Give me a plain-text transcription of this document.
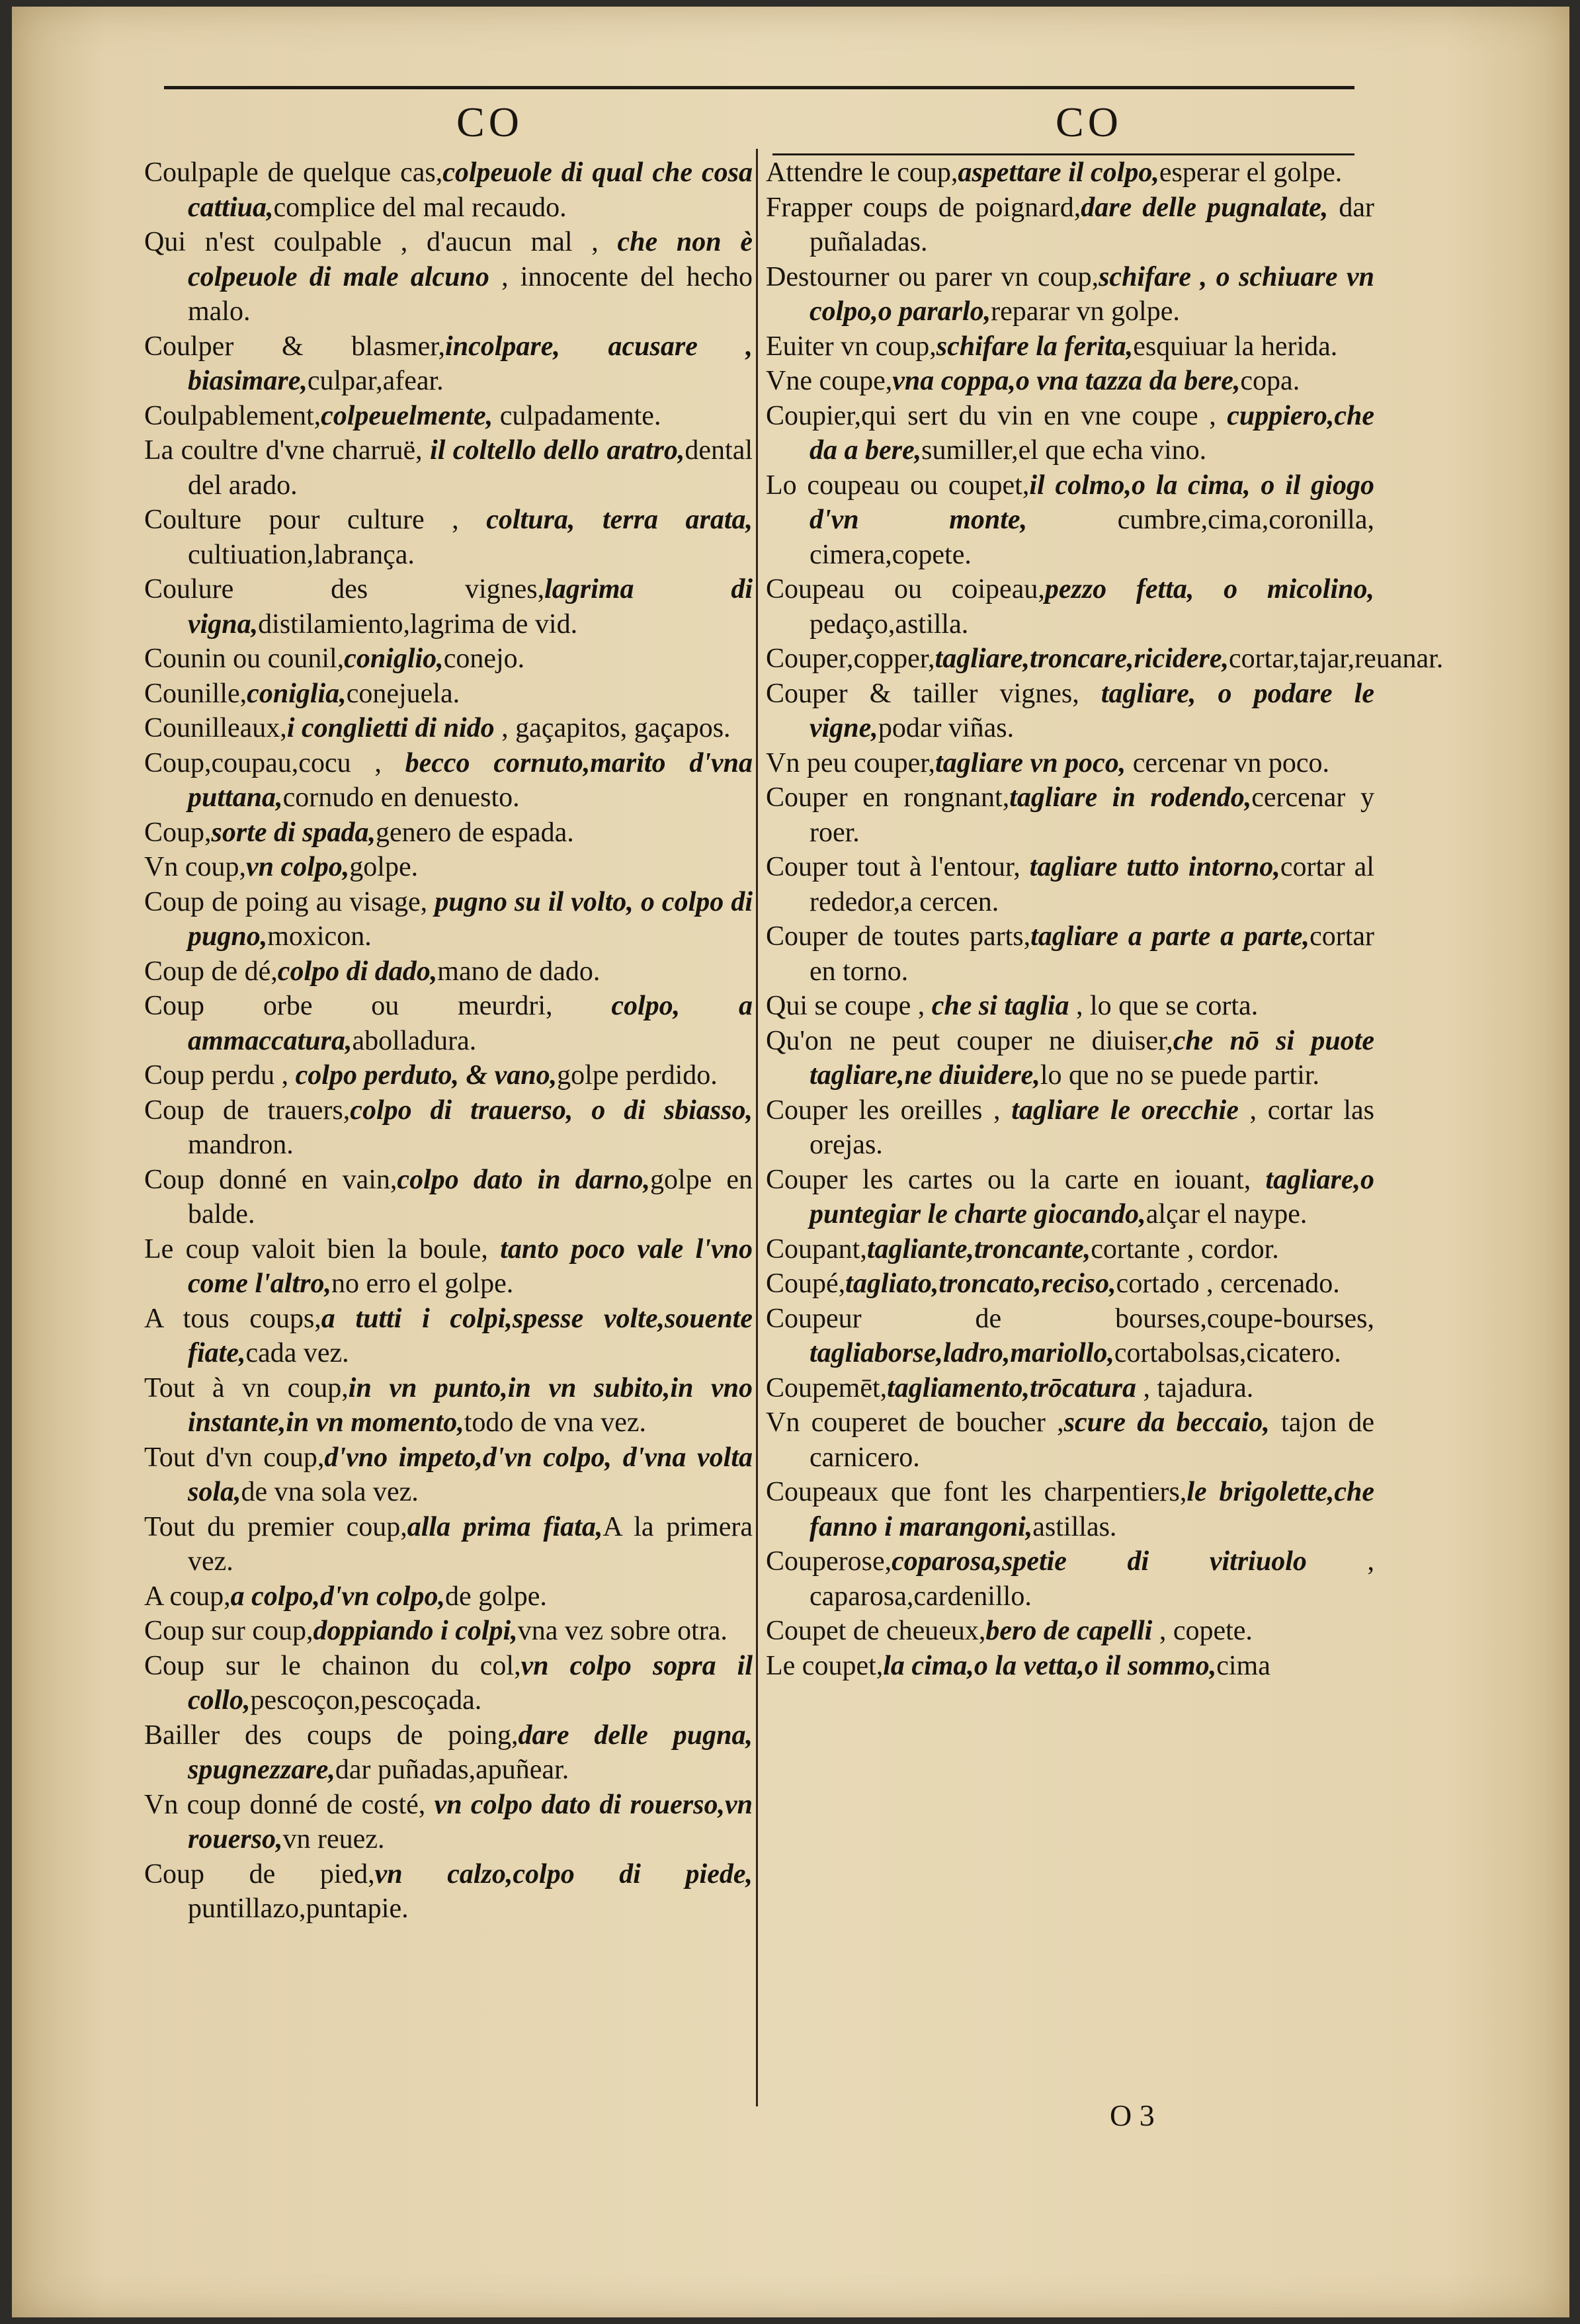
CO	CO

Coulpaple de quelque cas,colpeuole di qual che cosa cattiua,complice del mal recaudo.

Qui n'est coulpable , d'aucun mal , che non è colpeuole di male alcuno , innocente del hecho malo.

Coulper & blasmer,incolpare, acusare , biasimare,culpar,afear.

Coulpablement,colpeuelmente, culpadamente.

La coultre d'vne charruë, il coltello dello aratro,dental del arado.

Coulture pour culture , coltura, terra arata, cultiuation,labrança.

Coulure des vignes,lagrima di vigna,distilamiento,lagrima de vid.

Counin ou counil,coniglio,conejo.

Counille,coniglia,conejuela.

Counilleaux,i conglietti di nido , gaçapitos, gaçapos.

Coup,coupau,cocu , becco cornuto,marito d'vna puttana,cornudo en denuesto.

Coup,sorte di spada,genero de espada.

Vn coup,vn colpo,golpe.

Coup de poing au visage, pugno su il volto, o colpo di pugno,moxicon.

Coup de dé,colpo di dado,mano de dado.

Coup orbe ou meurdri, colpo, a ammaccatura,abolladura.

Coup perdu , colpo perduto, & vano,golpe perdido.

Coup de trauers,colpo di trauerso, o di sbiasso, mandron.

Coup donné en vain,colpo dato in darno,golpe en balde.

Le coup valoit bien la boule, tanto poco vale l'vno come l'altro,no erro el golpe.

A tous coups,a tutti i colpi,spesse volte,souente fiate,cada vez.

Tout à vn coup,in vn punto,in vn subito,in vno instante,in vn momento,todo de vna vez.

Tout d'vn coup,d'vno impeto,d'vn colpo, d'vna volta sola,de vna sola vez.

Tout du premier coup,alla prima fiata,A la primera vez.

A coup,a colpo,d'vn colpo,de golpe.

Coup sur coup,doppiando i colpi,vna vez sobre otra.

Coup sur le chainon du col,vn colpo sopra il collo,pescoçon,pescoçada.

Bailler des coups de poing,dare delle pugna, spugnezzare,dar puñadas,apuñear.

Vn coup donné de costé, vn colpo dato di rouerso,vn rouerso,vn reuez.

Coup de pied,vn calzo,colpo di piede, puntillazo,puntapie.

Attendre le coup,aspettare il colpo,esperar el golpe.

Frapper coups de poignard,dare delle pugnalate, dar puñaladas.

Destourner ou parer vn coup,schifare , o schiuare vn colpo,o pararlo,reparar vn golpe.

Euiter vn coup,schifare la ferita,esquiuar la herida.

Vne coupe,vna coppa,o vna tazza da bere,copa.

Coupier,qui sert du vin en vne coupe , cuppiero,che da a bere,sumiller,el que echa vino.

Lo coupeau ou coupet,il colmo,o la cima, o il giogo d'vn monte, cumbre,cima,coronilla, cimera,copete.

Coupeau ou coipeau,pezzo fetta, o micolino, pedaço,astilla.

Couper,copper,tagliare,troncare,ricidere,cortar,tajar,reuanar.

Couper & tailler vignes, tagliare, o podare le vigne,podar viñas.

Vn peu couper,tagliare vn poco, cercenar vn poco.

Couper en rongnant,tagliare in rodendo,cercenar y roer.

Couper tout à l'entour, tagliare tutto intorno,cortar al rededor,a cercen.

Couper de toutes parts,tagliare a parte a parte,cortar en torno.

Qui se coupe , che si taglia , lo que se corta.

Qu'on ne peut couper ne diuiser,che nō si puote tagliare,ne diuidere,lo que no se puede partir.

Couper les oreilles , tagliare le orecchie , cortar las orejas.

Couper les cartes ou la carte en iouant, tagliare,o puntegiar le charte giocando,alçar el naype.

Coupant,tagliante,troncante,cortante , cordor.

Coupé,tagliato,troncato,reciso,cortado , cercenado.

Coupeur de bourses,coupe-bourses, tagliaborse,ladro,mariollo,cortabolsas,cicatero.

Coupemēt,tagliamento,trōcatura , tajadura.

Vn couperet de boucher ,scure da beccaio, tajon de carnicero.

Coupeaux que font les charpentiers,le brigolette,che fanno i marangoni,astillas.

Couperose,coparosa,spetie di vitriuolo , caparosa,cardenillo.

Coupet de cheueux,bero de capelli , copete.

Le coupet,la cima,o la vetta,o il sommo,cima

O 3
